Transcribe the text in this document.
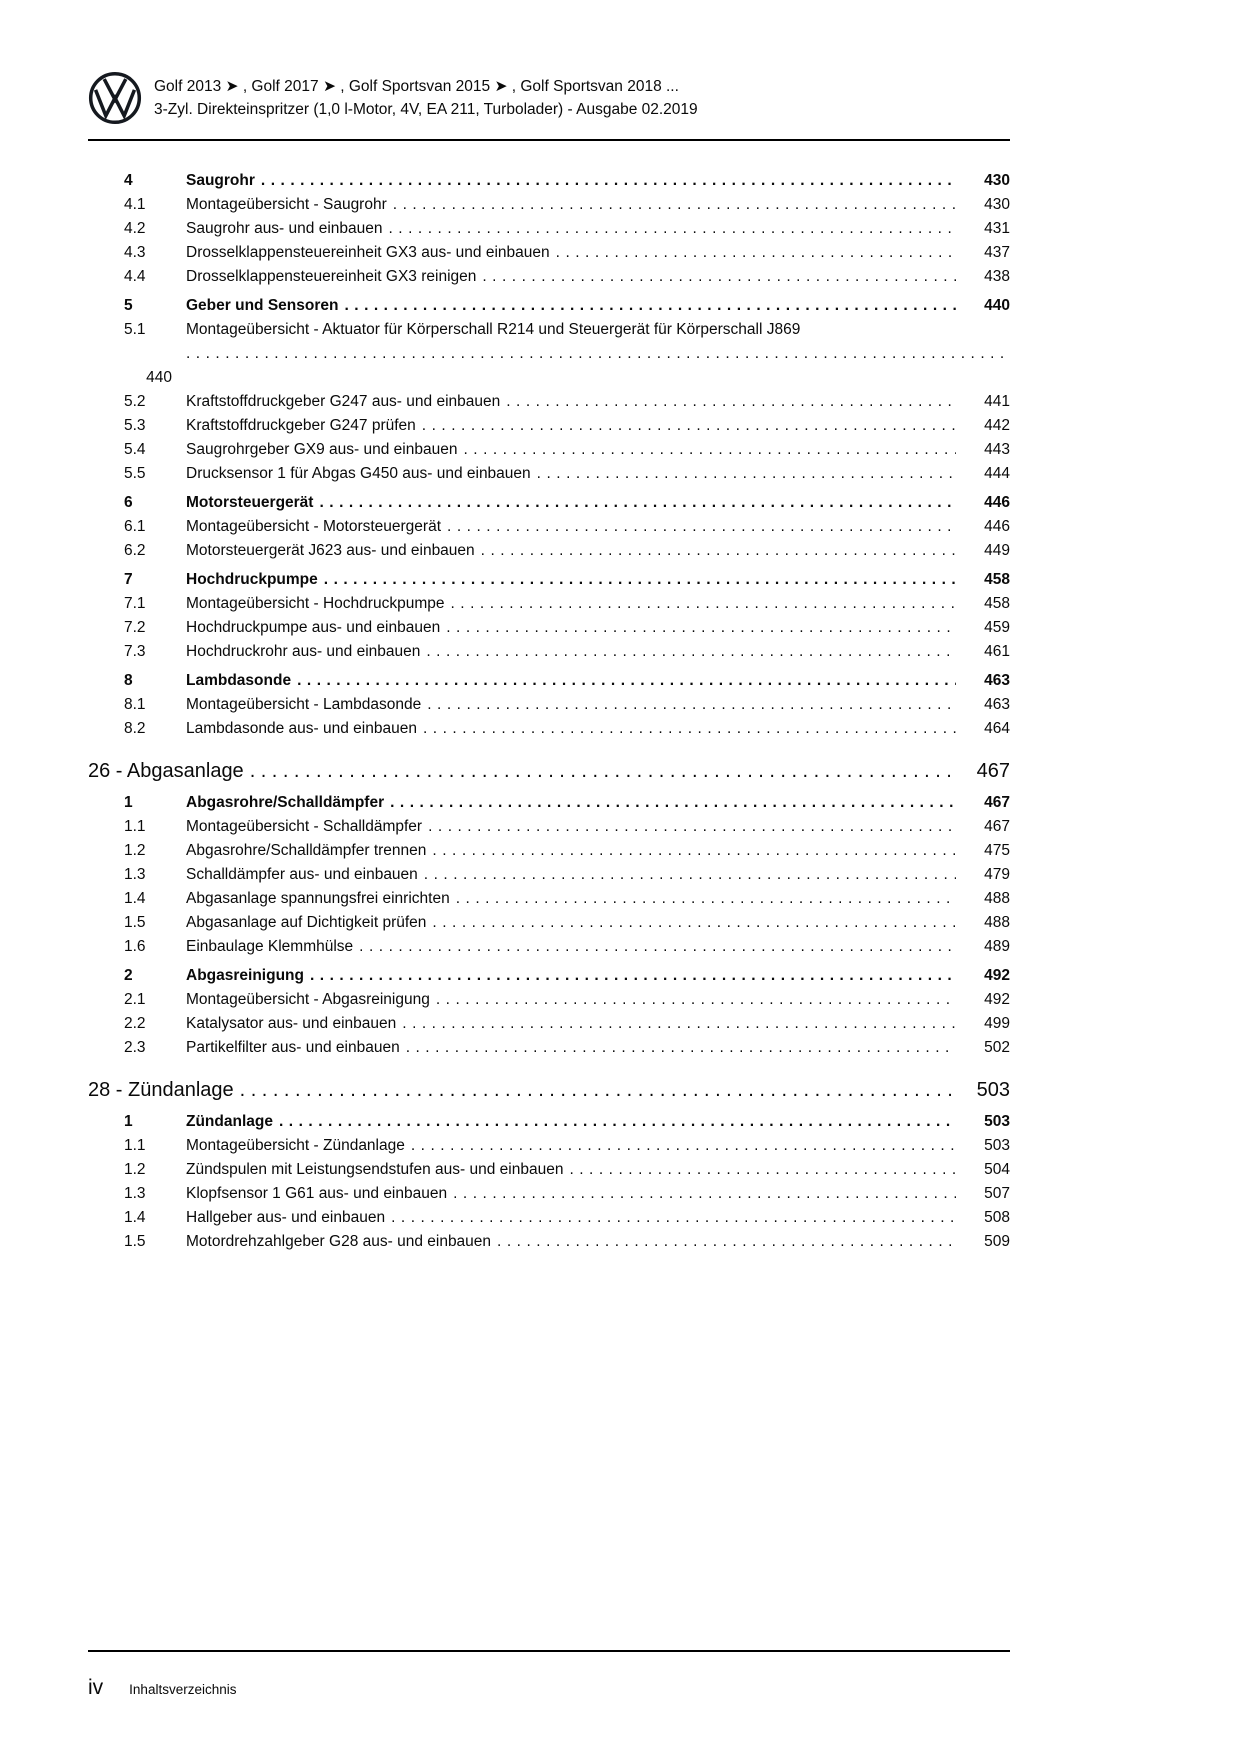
Golf 2013 ➤ , Golf 2017 ➤ , Golf Sportsvan 2015 ➤ , Golf Sportsvan 2018 ...
3-Zyl. Direkteinspritzer (1,0 l-Motor, 4V, EA 211, Turbolader) - Ausgabe 02.2019
4	Saugrohr .....	430
4.1	Montageübersicht - Saugrohr .....	430
4.2	Saugrohr aus- und einbauen .....	431
4.3	Drosselklappensteuereinheit GX3 aus- und einbauen .....	437
4.4	Drosselklappensteuereinheit GX3 reinigen .....	438
5	Geber und Sensoren .....	440
5.1	Montageübersicht - Aktuator für Körperschall R214 und Steuergerät für Körperschall J869
.....
440
5.2	Kraftstoffdruckgeber G247 aus- und einbauen .....	441
5.3	Kraftstoffdruckgeber G247 prüfen .....	442
5.4	Saugrohrgeber GX9 aus- und einbauen .....	443
5.5	Drucksensor 1 für Abgas G450 aus- und einbauen .....	444
6	Motorsteuergerät .....	446
6.1	Montageübersicht - Motorsteuergerät .....	446
6.2	Motorsteuergerät J623 aus- und einbauen .....	449
7	Hochdruckpumpe .....	458
7.1	Montageübersicht - Hochdruckpumpe .....	458
7.2	Hochdruckpumpe aus- und einbauen .....	459
7.3	Hochdruckrohr aus- und einbauen .....	461
8	Lambdasonde .....	463
8.1	Montageübersicht - Lambdasonde .....	463
8.2	Lambdasonde aus- und einbauen .....	464
26 - Abgasanlage .....	467
1	Abgasrohre/Schalldämpfer .....	467
1.1	Montageübersicht - Schalldämpfer .....	467
1.2	Abgasrohre/Schalldämpfer trennen .....	475
1.3	Schalldämpfer aus- und einbauen .....	479
1.4	Abgasanlage spannungsfrei einrichten .....	488
1.5	Abgasanlage auf Dichtigkeit prüfen .....	488
1.6	Einbaulage Klemmhülse .....	489
2	Abgasreinigung .....	492
2.1	Montageübersicht - Abgasreinigung .....	492
2.2	Katalysator aus- und einbauen .....	499
2.3	Partikelfilter aus- und einbauen .....	502
28 - Zündanlage .....	503
1	Zündanlage .....	503
1.1	Montageübersicht - Zündanlage .....	503
1.2	Zündspulen mit Leistungsendstufen aus- und einbauen .....	504
1.3	Klopfsensor 1 G61 aus- und einbauen .....	507
1.4	Hallgeber aus- und einbauen .....	508
1.5	Motordrehzahlgeber G28 aus- und einbauen .....	509
iv Inhaltsverzeichnis
